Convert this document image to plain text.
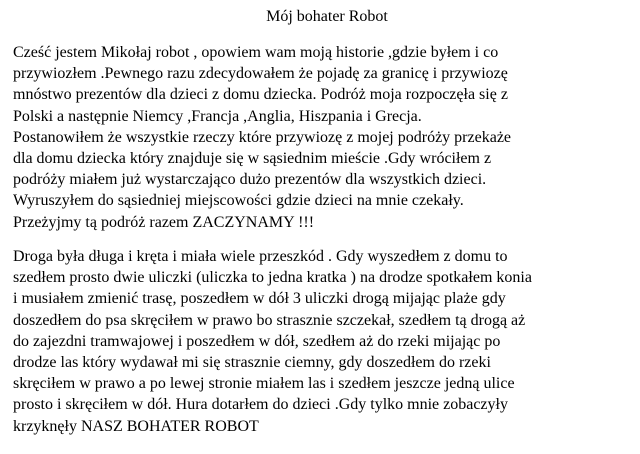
Mój bohater Robot
Cześć jestem Mikołaj robot , opowiem wam moją historie ,gdzie byłem i co
przywiozłem .Pewnego razu zdecydowałem że pojadę za granicę i przywiozę
mnóstwo prezentów dla dzieci z domu dziecka. Podróż moja rozpoczęła się z
Polski a następnie Niemcy ,Francja ,Anglia, Hiszpania i Grecja.
Postanowiłem że wszystkie rzeczy które przywiozę z mojej podróży przekaże
dla domu dziecka który znajduje się w sąsiednim mieście .Gdy wróciłem z
podróży miałem już wystarczająco dużo prezentów dla wszystkich dzieci.
Wyruszyłem do sąsiedniej miejscowości gdzie dzieci na mnie czekały.
Przeżyjmy tą podróż razem ZACZYNAMY !!!
Droga była długa i kręta i miała wiele przeszkód . Gdy wyszedłem z domu to
szedłem prosto dwie uliczki (uliczka to jedna kratka ) na drodze spotkałem konia
i musiałem zmienić trasę, poszedłem w dół 3 uliczki drogą mijając plaże gdy
doszedłem do psa skręciłem w prawo bo strasznie szczekał, szedłem tą drogą aż
do zajezdni tramwajowej i poszedłem w dół, szedłem aż do rzeki mijając po
drodze las który wydawał mi się strasznie ciemny, gdy doszedłem do rzeki
skręciłem w prawo a po lewej stronie miałem las i szedłem jeszcze jedną ulice
prosto i skręciłem w dół. Hura dotarłem do dzieci .Gdy tylko mnie zobaczyły
krzyknęły NASZ BOHATER ROBOT
